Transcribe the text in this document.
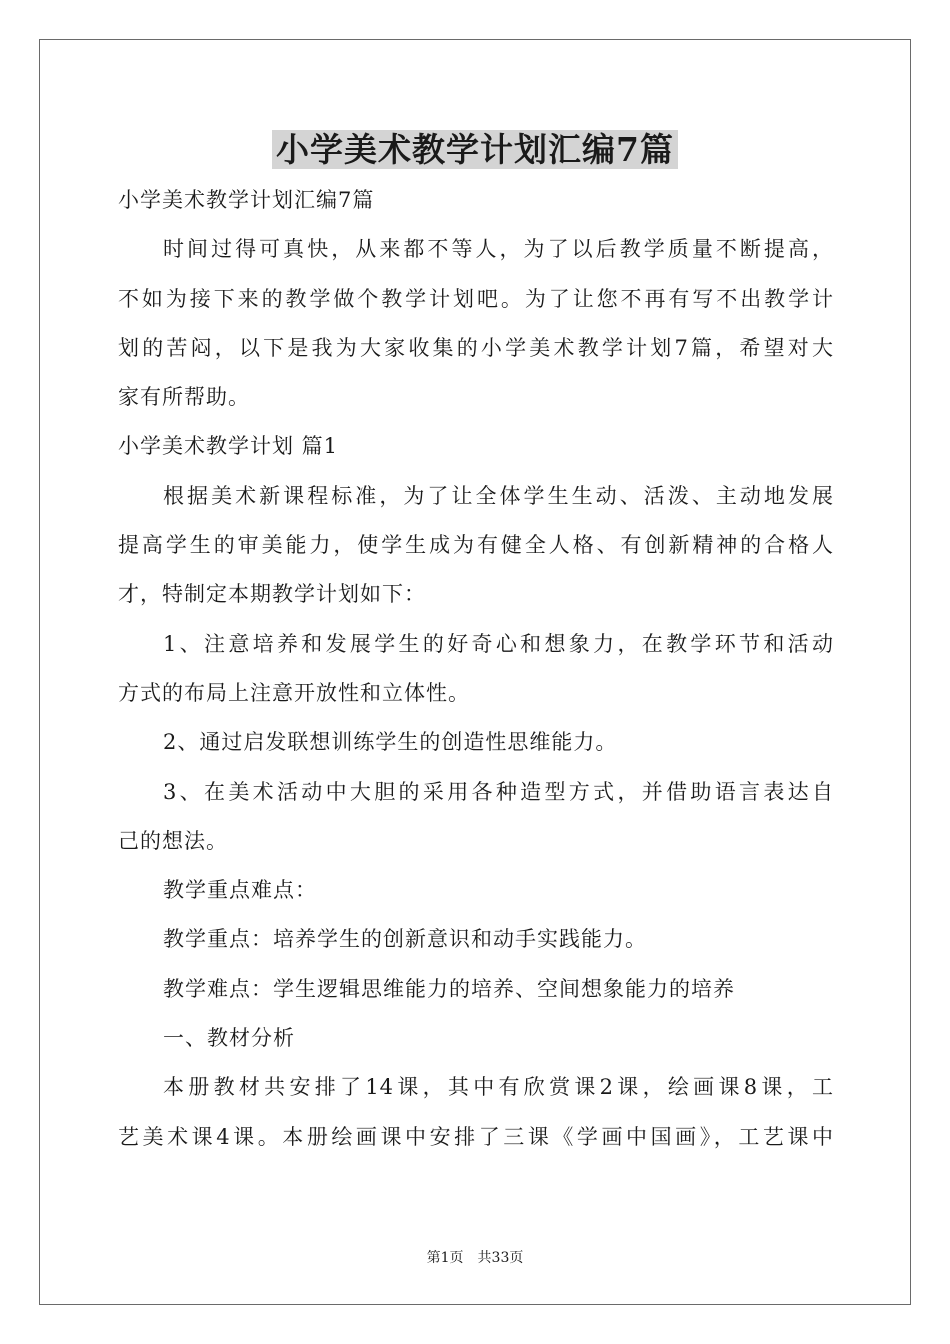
小学美术教学计划汇编7篇
小学美术教学计划汇编7篇
时间过得可真快，从来都不等人，为了以后教学质量不断提高，
不如为接下来的教学做个教学计划吧。为了让您不再有写不出教学计
划的苦闷，以下是我为大家收集的小学美术教学计划7篇，希望对大
家有所帮助。
小学美术教学计划 篇1
根据美术新课程标准，为了让全体学生生动、活泼、主动地发展
提高学生的审美能力，使学生成为有健全人格、有创新精神的合格人
才，特制定本期教学计划如下：
1、注意培养和发展学生的好奇心和想象力，在教学环节和活动
方式的布局上注意开放性和立体性。
2、通过启发联想训练学生的创造性思维能力。
3、在美术活动中大胆的采用各种造型方式，并借助语言表达自
己的想法。
教学重点难点：
教学重点：培养学生的创新意识和动手实践能力。
教学难点：学生逻辑思维能力的培养、空间想象能力的培养
一、教材分析
本册教材共安排了14课，其中有欣赏课2课，绘画课8课，工
艺美术课4课。本册绘画课中安排了三课《学画中国画》，工艺课中
第1页　共33页
